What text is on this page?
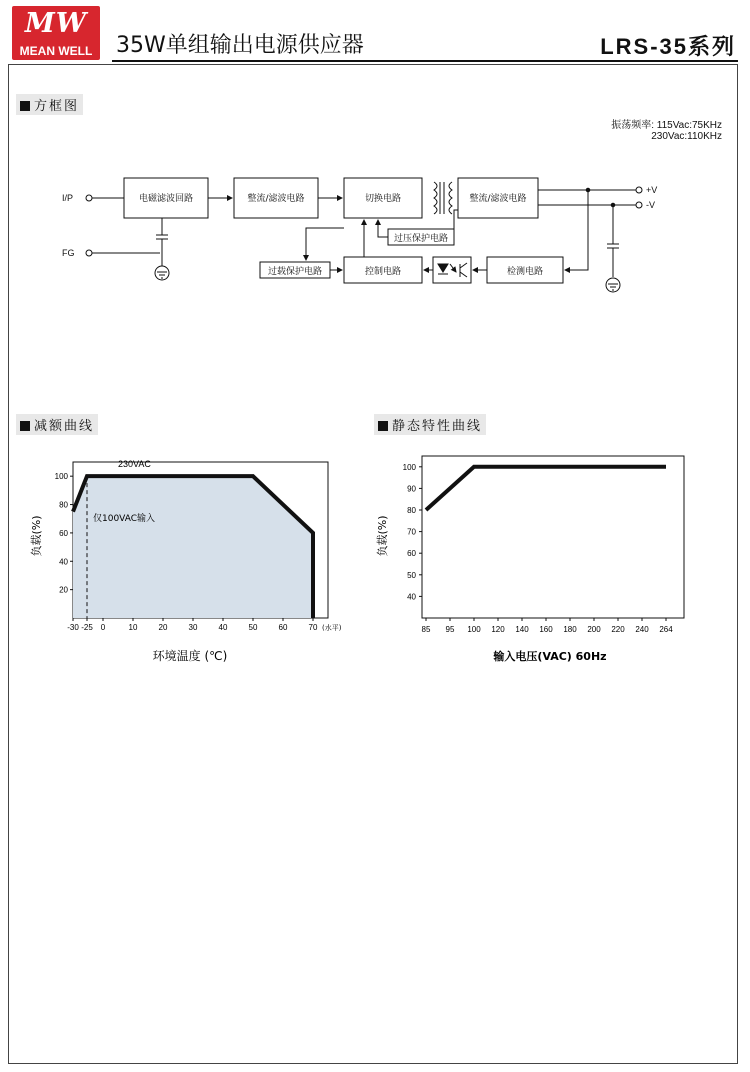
MW
MEAN WELL	35W单组输出电源供应器	LRS-35系列
方框图
振荡频率: 115Vac:75KHz
230Vac:110KHz
I/P
FG
+V
-V
电磁滤波回路	整流/滤波电路	切换电路	整流/滤波电路
过压保护电路
过载保护电路	控制电路	检测电路
减额曲线	静态特性曲线
-30 -25 0	10	20	30	40	50	60	70
20
40
60
80
100
230VAC
仅100VAC输入
(水平)
负载(%)
环境温度 (℃)
85 95 100 120 140 160 180 200 220 240 264
40
50
60
70
80
90
100
负载(%)
输入电压(VAC) 60Hz
